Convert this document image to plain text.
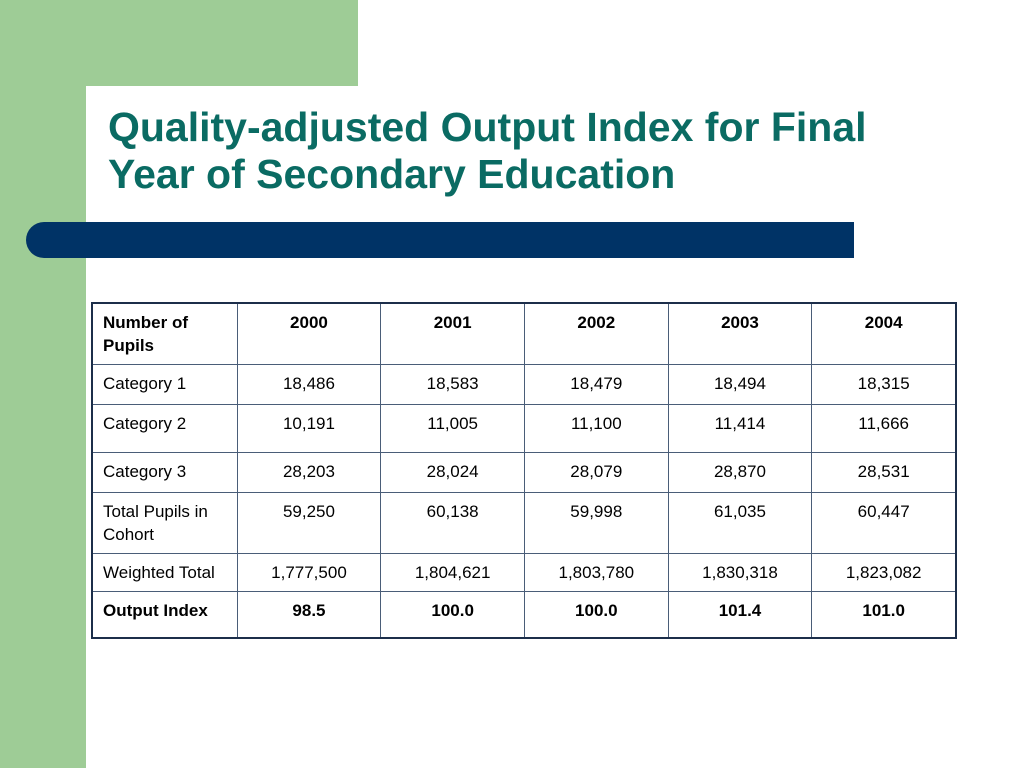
Quality-adjusted Output Index for Final
Year of Secondary Education
Number of Pupils	2000	2001	2002	2003	2004
Category 1	18,486	18,583	18,479	18,494	18,315
Category 2	10,191	11,005	11,100	11,414	11,666
Category 3	28,203	28,024	28,079	28,870	28,531
Total Pupils in Cohort	59,250	60,138	59,998	61,035	60,447
Weighted Total	1,777,500	1,804,621	1,803,780	1,830,318	1,823,082
Output Index	98.5	100.0	100.0	101.4	101.0
